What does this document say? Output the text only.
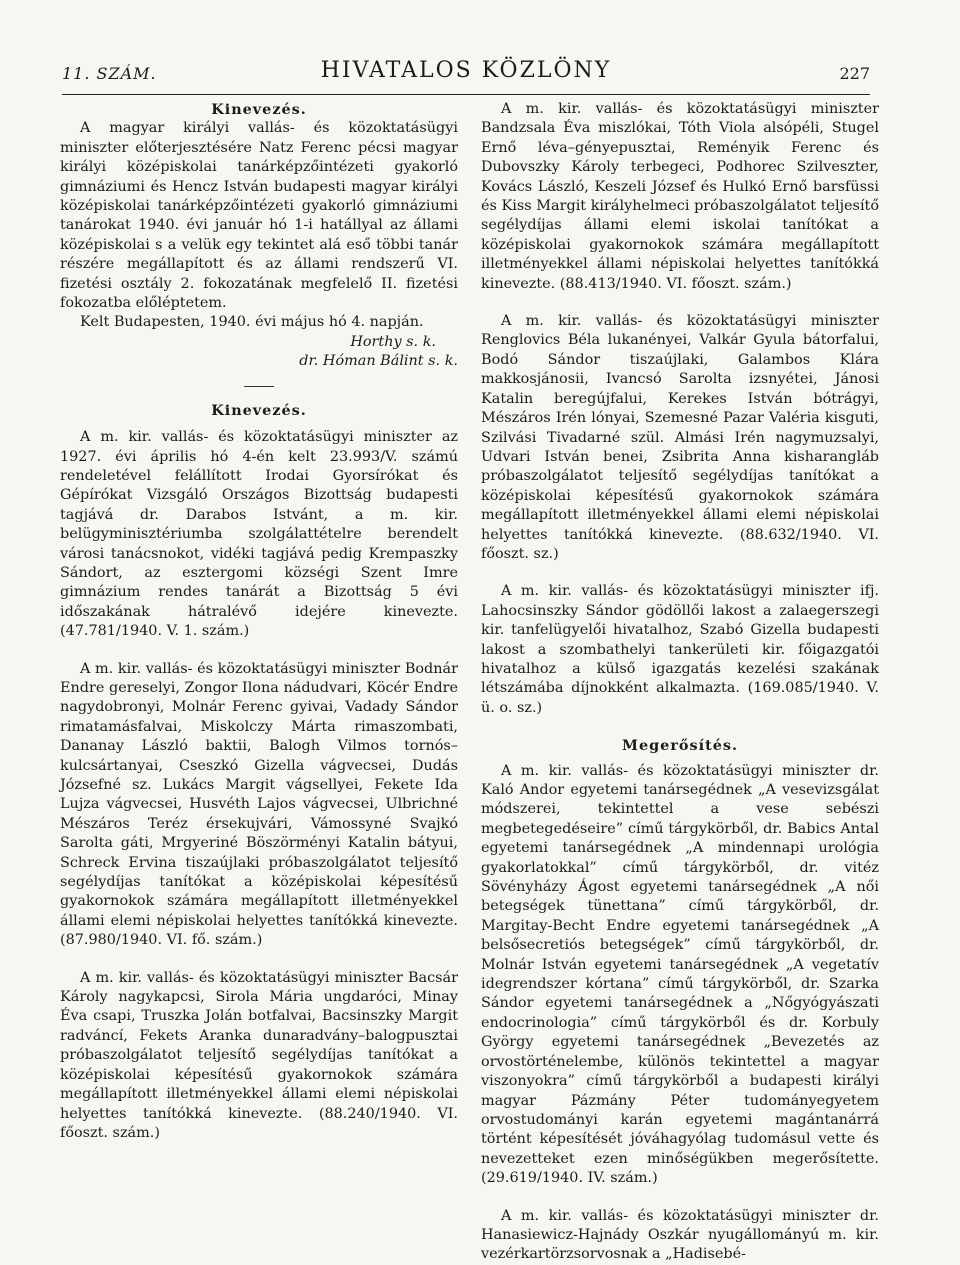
11. SZÁM.	HIVATALOS KÖZLÖNY	227

Kinevezés.

A magyar királyi vallás- és közoktatásügyi miniszter előterjesztésére Natz Ferenc pécsi magyar királyi középiskolai tanárképzőintézeti gyakorló gimnáziumi és Hencz István budapesti magyar királyi középiskolai tanárképzőintézeti gyakorló gimnáziumi tanárokat 1940. évi január hó 1-i hatállyal az állami középiskolai s a velük egy tekintet alá eső többi tanár részére megállapított és az állami rendszerű VI. fizetési osztály 2. fokozatának megfelelő II. fizetési fokozatba előléptetem.

Kelt Budapesten, 1940. évi május hó 4. napján.

Horthy s. k.

dr. Hóman Bálint s. k.

Kinevezés.

A m. kir. vallás- és közoktatásügyi miniszter az 1927. évi április hó 4-én kelt 23.993/V. számú rendeletével felállított Irodai Gyorsírókat és Gépírókat Vizsgáló Országos Bizottság budapesti tagjává dr. Darabos Istvánt, a m. kir. belügyminisztériumba szolgálattételre berendelt városi tanácsnokot, vidéki tagjává pedig Krempaszky Sándort, az esztergomi községi Szent Imre gimnázium rendes tanárát a Bizottság 5 évi időszakának hátralévő idejére kinevezte. (47.781/1940. V. 1. szám.)

A m. kir. vallás- és közoktatásügyi miniszter Bodnár Endre gereselyi, Zongor Ilona nádudvari, Köcér Endre nagydobronyi, Molnár Ferenc gyivai, Vadady Sándor rimatamásfalvai, Miskolczy Márta rimaszombati, Dananay László baktii, Balogh Vilmos tornós–kulcsártanyai, Cseszkó Gizella vágvecsei, Dudás Józsefné sz. Lukács Margit vágsellyei, Fekete Ida Lujza vágvecsei, Husvéth Lajos vágvecsei, Ulbrichné Mészáros Teréz érsekujvári, Vámossyné Svajkó Sarolta gáti, Mrgyeriné Böszörményi Katalin bátyui, Schreck Ervina tiszaújlaki próbaszolgálatot teljesítő segélydíjas tanítókat a középiskolai képesítésű gyakornokok számára megállapított illetményekkel állami elemi népiskolai helyettes tanítókká kinevezte. (87.980/1940. VI. fő. szám.)

A m. kir. vallás- és közoktatásügyi miniszter Bacsár Károly nagykapcsi, Sirola Mária ungdaróci, Minay Éva csapi, Truszka Jolán botfalvai, Bacsinszky Margit radváncí, Fekets Aranka dunaradvány–balogpusztai próbaszolgálatot teljesítő segélydíjas tanítókat a középiskolai képesítésű gyakornokok számára megállapított illetményekkel állami elemi népiskolai helyettes tanítókká kinevezte. (88.240/1940. VI. főoszt. szám.)

A m. kir. vallás- és közoktatásügyi miniszter Bandzsala Éva miszlókai, Tóth Viola alsópéli, Stugel Ernő léva–gényepusztai, Reményik Ferenc és Dubovszky Károly terbegeci, Podhorec Szilveszter, Kovács László, Keszeli József és Hulkó Ernő barsfüssi és Kiss Margit királyhelmeci próbaszolgálatot teljesítő segélydíjas állami elemi iskolai tanítókat a középiskolai gyakornokok számára megállapított illetményekkel állami népiskolai helyettes tanítókká kinevezte. (88.413/1940. VI. főoszt. szám.)

A m. kir. vallás- és közoktatásügyi miniszter Renglovics Béla lukanényei, Valkár Gyula bátorfalui, Bodó Sándor tiszaújlaki, Galambos Klára makkosjánosii, Ivancsó Sarolta izsnyétei, Jánosi Katalin beregújfalui, Kerekes István bótrágyi, Mészáros Irén lónyai, Szemesné Pazar Valéria kisguti, Szilvási Tivadarné szül. Almási Irén nagymuzsalyi, Udvari István benei, Zsibrita Anna kisharangláb próbaszolgálatot teljesítő segélydíjas tanítókat a középiskolai képesítésű gyakornokok számára megállapított illetményekkel állami elemi népiskolai helyettes tanítókká kinevezte. (88.632/1940. VI. főoszt. sz.)

A m. kir. vallás- és közoktatásügyi miniszter ifj. Lahocsinszky Sándor gödöllői lakost a zalaegerszegi kir. tanfelügyelői hivatalhoz, Szabó Gizella budapesti lakost a szombathelyi tankerületi kir. főigazgatói hivatalhoz a külső igazgatás kezelési szakának létszámába díjnokként alkalmazta. (169.085/1940. V. ü. o. sz.)

Megerősítés.

A m. kir. vallás- és közoktatásügyi miniszter dr. Kaló Andor egyetemi tanársegédnek „A vesevizsgálat módszerei, tekintettel a vese sebészi megbetegedéseire” című tárgykörből, dr. Babics Antal egyetemi tanársegédnek „A mindennapi urológia gyakorlatokkal” című tárgykörből, dr. vitéz Sövényházy Ágost egyetemi tanársegédnek „A női betegségek tünettana” című tárgykörből, dr. Margitay-Becht Endre egyetemi tanársegédnek „A belsősecretiós betegségek” című tárgykörből, dr. Molnár István egyetemi tanársegédnek „A vegetatív idegrendszer kórtana” című tárgykörből, dr. Szarka Sándor egyetemi tanársegédnek a „Nőgyógyászati endocrinologia” című tárgykörből és dr. Korbuly György egyetemi tanársegédnek „Bevezetés az orvostörténelembe, különös tekintettel a magyar viszonyokra” című tárgykörből a budapesti királyi magyar Pázmány Péter tudományegyetem orvostudományi karán egyetemi magántanárrá történt képesítését jóváhagyólag tudomásul vette és nevezetteket ezen minőségükben megerősítette. (29.619/1940. IV. szám.)

A m. kir. vallás- és közoktatásügyi miniszter dr. Hanasiewicz-Hajnády Oszkár nyugállományú m. kir. vezérkartörzsorvosnak a „Hadisebé-
